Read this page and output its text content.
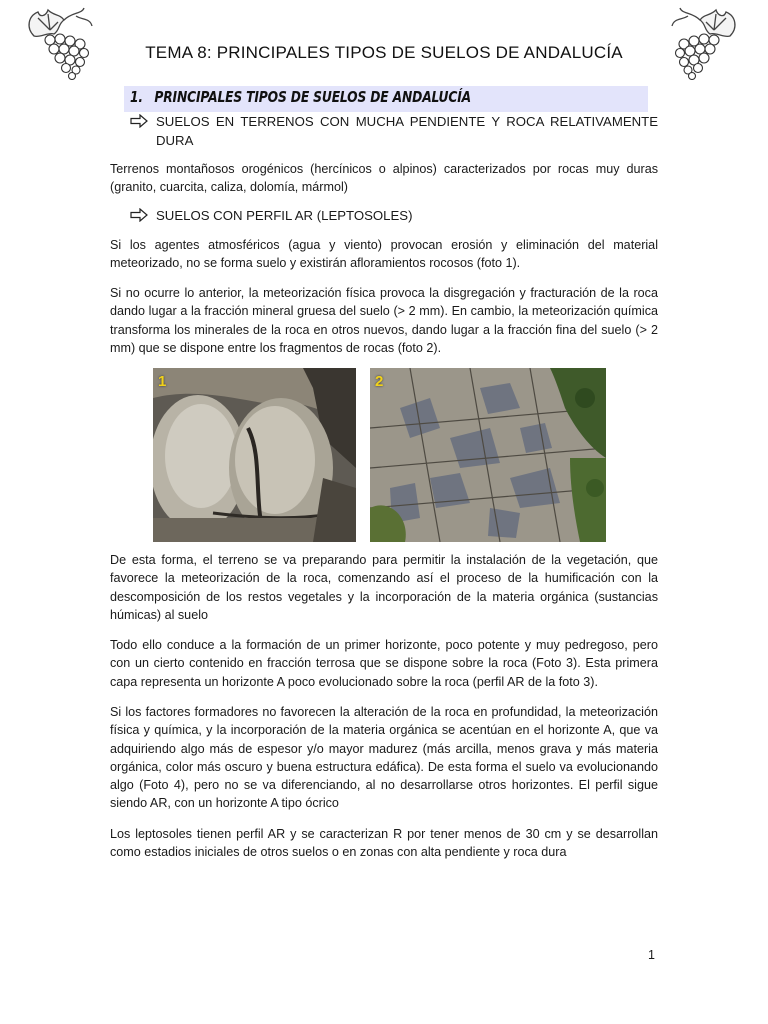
TEMA 8: PRINCIPALES TIPOS DE SUELOS DE ANDALUCÍA
1. PRINCIPALES TIPOS DE SUELOS DE ANDALUCÍA
SUELOS EN TERRENOS CON MUCHA PENDIENTE Y ROCA RELATIVAMENTE
DURA

Terrenos montañosos orogénicos (hercínicos o alpinos) caracterizados por rocas muy duras (granito, cuarcita, caliza, dolomía, mármol)

SUELOS CON PERFIL AR (LEPTOSOLES)

Si los agentes atmosféricos (agua y viento) provocan erosión y eliminación del material meteorizado, no se forma suelo y existirán afloramientos rocosos (foto 1).

Si no ocurre lo anterior, la meteorización física provoca la disgregación y fracturación de la roca dando lugar a la fracción mineral gruesa del suelo (> 2 mm). En cambio, la meteorización química transforma los minerales de la roca en otros nuevos, dando lugar a la fracción fina del suelo (> 2 mm) que se dispone entre los fragmentos de rocas (foto 2).

1	2

De esta forma, el terreno se va preparando para permitir la instalación de la vegetación, que favorece la meteorización de la roca, comenzando así el proceso de la humificación con la descomposición de los restos vegetales y la incorporación de la materia orgánica (sustancias húmicas) al suelo

Todo ello conduce a la formación de un primer horizonte, poco potente y muy pedregoso, pero con un cierto contenido en fracción terrosa que se dispone sobre la roca (Foto 3). Esta primera capa representa un horizonte A poco evolucionado sobre la roca (perfil AR de la foto 3).

Si los factores formadores no favorecen la alteración de la roca en profundidad, la meteorización física y química, y la incorporación de la materia orgánica se acentúan en el horizonte A, que va adquiriendo algo más de espesor y/o mayor madurez (más arcilla, menos grava y más materia orgánica, color más oscuro y buena estructura edáfica). De esta forma el suelo va evolucionando algo (Foto 4), pero no se va diferenciando, al no desarrollarse otros horizontes. El perfil sigue siendo AR, con un horizonte A tipo ócrico

Los leptosoles tienen perfil AR y se caracterizan R por tener menos de 30 cm y se desarrollan como estadios iniciales de otros suelos o en zonas con alta pendiente y roca dura

1
